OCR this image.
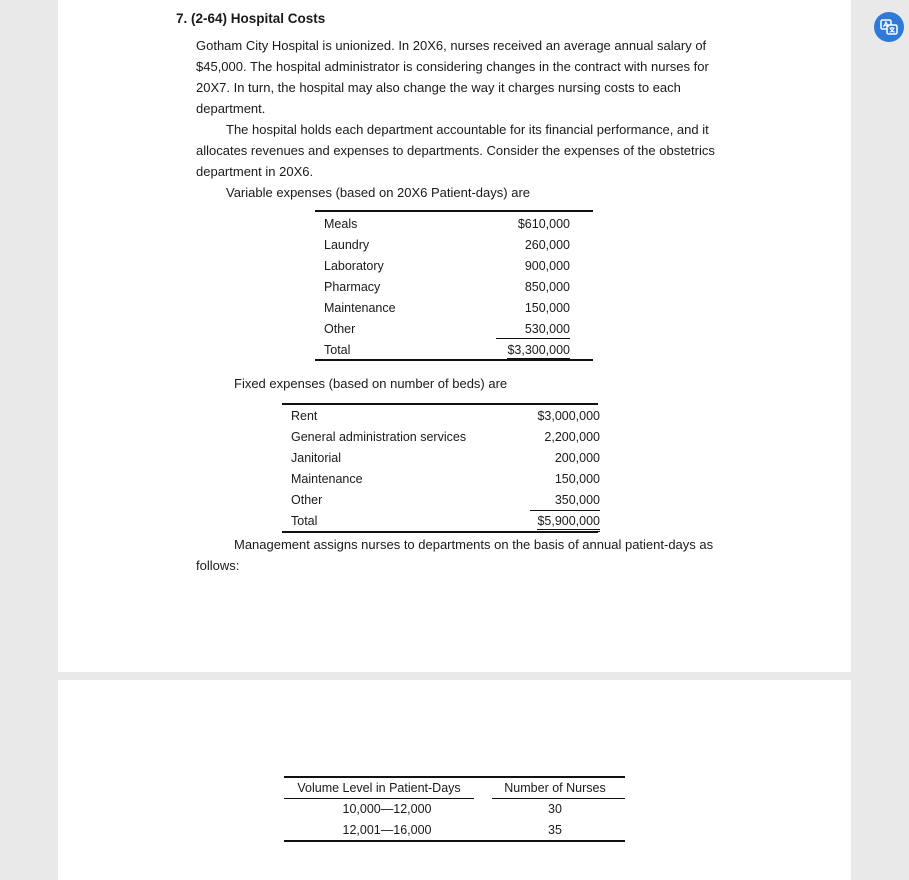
7. (2-64) Hospital Costs
Gotham City Hospital is unionized. In 20X6, nurses received an average annual salary of
$45,000. The hospital administrator is considering changes in the contract with nurses for
20X7. In turn, the hospital may also change the way it charges nursing costs to each
department.
The hospital holds each department accountable for its financial performance, and it
allocates revenues and expenses to departments. Consider the expenses of the obstetrics
department in 20X6.
Variable expenses (based on 20X6 Patient-days) are
Meals	$610,000
Laundry	260,000
Laboratory	900,000
Pharmacy	850,000
Maintenance	150,000
Other	530,000
Total	$3,300,000
Fixed expenses (based on number of beds) are
Rent	$3,000,000
General administration services	2,200,000
Janitorial	200,000
Maintenance	150,000
Other	350,000
Total	$5,900,000
Management assigns nurses to departments on the basis of annual patient-days as
follows:
Volume Level in Patient-Days	Number of Nurses
10,000—12,000	30
12,001—16,000	35
